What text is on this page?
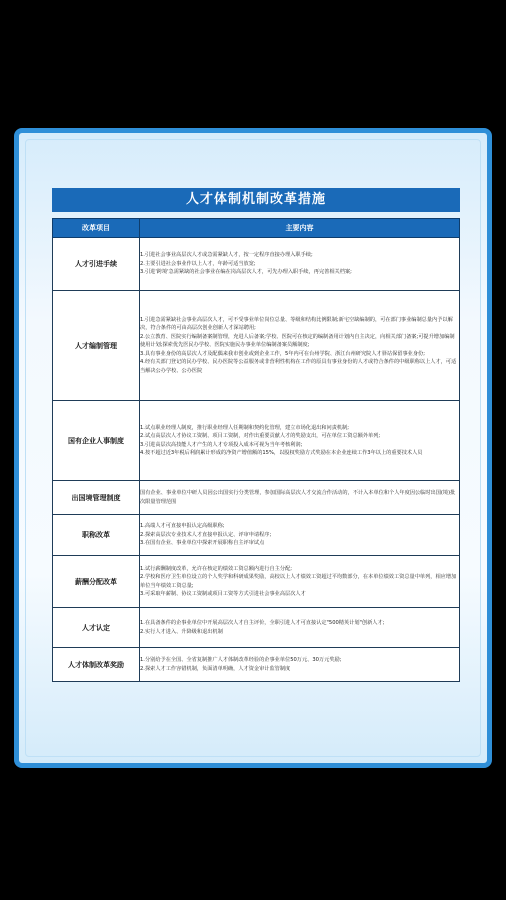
人才体制机制改革措施
改革项目	主要内容
人才引进手续	1.引进社会事业高层次人才或急需紧缺人才，按一定程序直接办理入职手续;
2.主要引进社会事业作以上人才，年龄可适当放宽;
3.引进'跨境'急需紧缺的社会事业在编在岗高层次人才，可先办理入职手续，再完善相关档案;

人才编制管理	1.引进急需紧缺社会事业高层次人才，可不受事业单位岗位总量、等级和结构比例限制;新宅空缺编制的，可在部门事业编制总量内予以解决，符合条件的可由高层次创业创新人才深站聘用;
2.公立教育、医院实行编制备案制管理，充进人后备案;学校、医院可在核定的编制备用计划内自主决定，向相关部门备案;可提升增加编制使用计划;探索优先医民办学校、医院实施民办事业单位编制备案员额制度;
3.具有事业身份的高层次人才及配偶来我市创业或到企业工作，5年内可在台州学院、浙江台州研究院人才驿站保留事业身份;
4.经有关部门登记的民办学校、民办医院等公益服务或非营利性机构在工作的原具有事业身份的人才或符合条件的中级职称以上人才，可适当解决公办学校、公办医院

国有企业人事制度	1.试点职业经理人制度，推行职业经理人任期制和契约化管理，建立市场化退出和问责机制;
2.试点高层次人才协议工资制、项目工资制，对作出重要贡献人才的奖励支出，可在单位工资总额外单列;
3.引进高层次高技能人才产生的人才专项投入成本可视为当年考核利润;
4.按不超过近3年税后利润累计形成的净资产增值额的15%，以股权奖励方式奖励在本企业连续工作3年以上的重要技术人员

出国境管理制度	国有企业、事业单位中研人员因公出国实行分类管理，参加国际高层次人才交流合作活动的，不计入本单位和个人年度因公临时出国(境)批次限量管理范围

职称改革	1.高端人才可直接申报认定高级职称;
2.探索高层次专业技术人才直接申报认定、评审申请程序;
3.在国有企业、事业单位中探索开展职称自主评审试点

薪酬分配改革	1.试行薪酬制度改革，允许在核定的绩效工资总额内进行自主分配;
2.学校和医疗卫生单位设立的个人奖学和科研成果奖励，高校以上人才绩效工资超过平均数部分，在本单位绩效工资总量中单列，相应增加单位当年绩效工资总量;
3.可采取年薪制、协议工资制或项目工资等方式引进社会事业高层次人才

人才认定	1.在具备条件的企事业单位中开展高层次人才自主评价，全职引进人才可直接认定"500精英计划"创新人才;
2.实行人才进入、升降级和退出机制

人才体制改革奖励	1.分别给予在全国、全省复制推广人才体制改革经验的企事业单位50万元、30万元奖励;
2.探索人才工作容错机制，负面清单明确，人才资金审计监管制度
